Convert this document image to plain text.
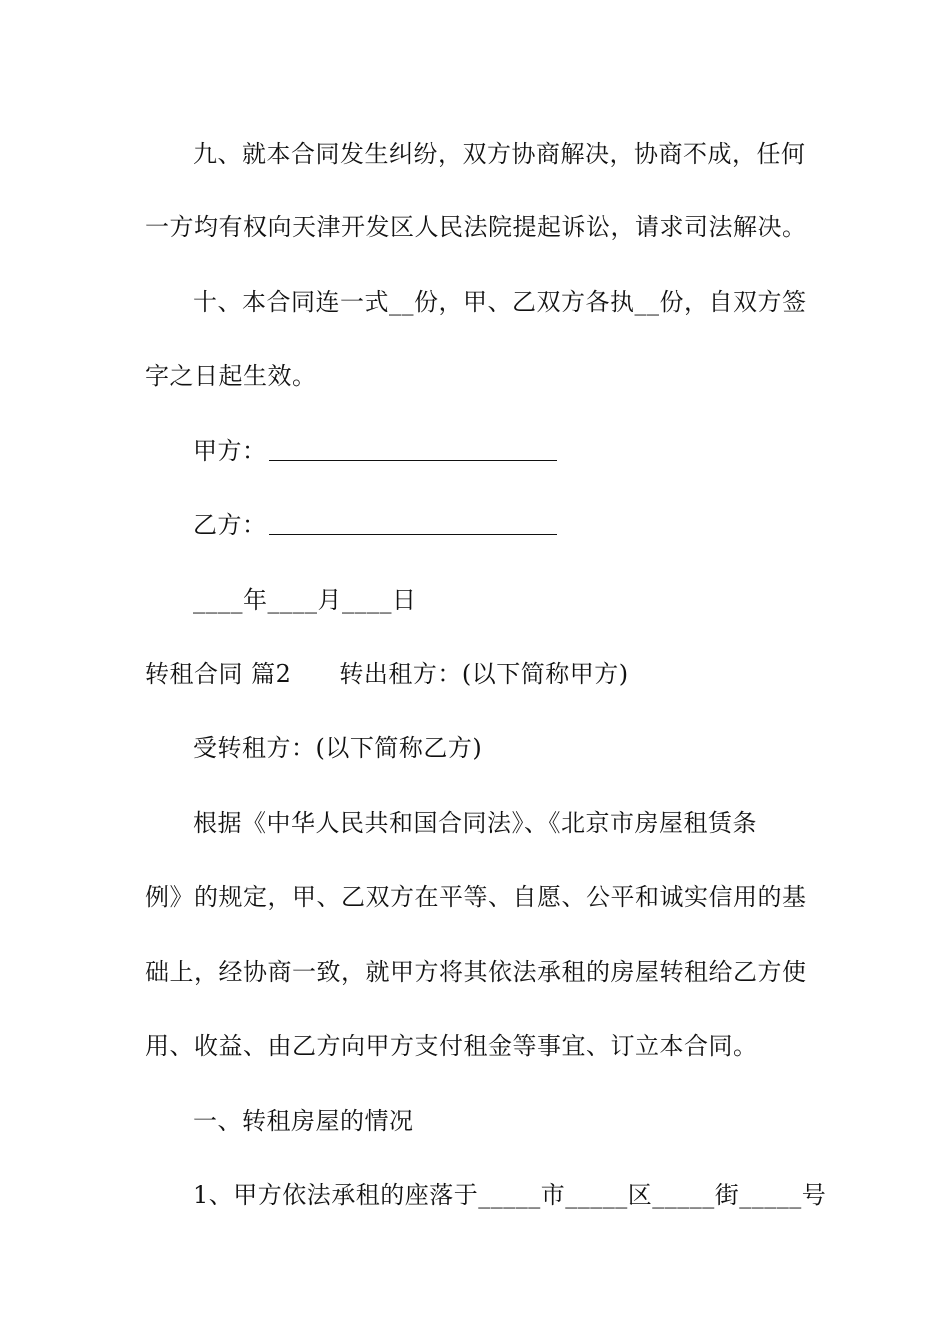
九、就本合同发生纠纷，双方协商解决，协商不成，任何
一方均有权向天津开发区人民法院提起诉讼，请求司法解决。
十、本合同连一式__份，甲、乙双方各执__份，自双方签
字之日起生效。
甲方：
乙方：
____年____月____日
转租合同 篇2 转出租方：(以下简称甲方)
受转租方：(以下简称乙方)
根据《中华人民共和国合同法》、《北京市房屋租赁条
例》的规定，甲、乙双方在平等、自愿、公平和诚实信用的基
础上，经协商一致，就甲方将其依法承租的房屋转租给乙方使
用、收益、由乙方向甲方支付租金等事宜、订立本合同。
一、转租房屋的情况
1、甲方依法承租的座落于_____市_____区_____街_____号
